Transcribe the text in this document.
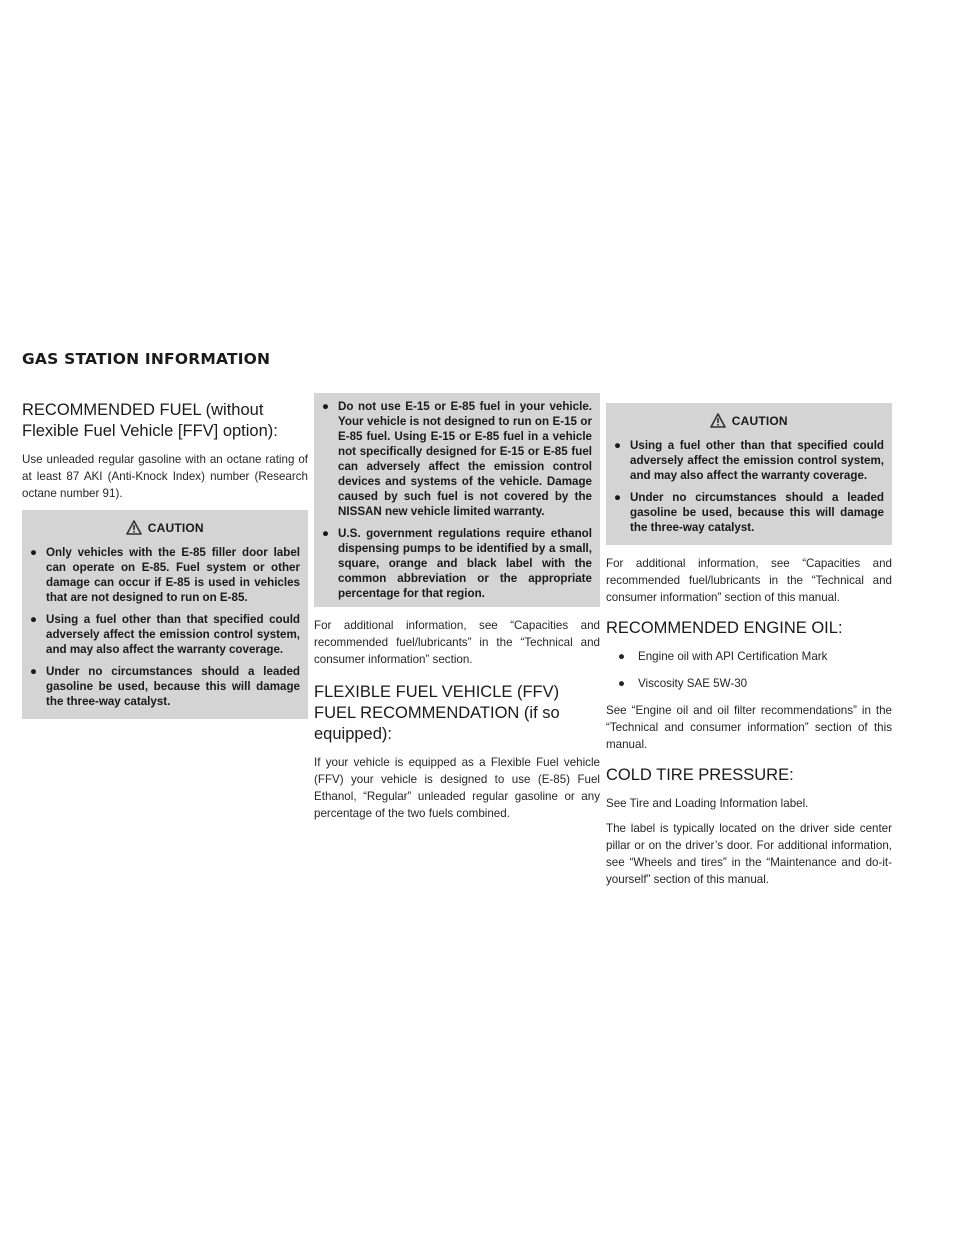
GAS STATION INFORMATION
RECOMMENDED FUEL (without Flexible Fuel Vehicle [FFV] option):

Use unleaded regular gasoline with an octane rating of at least 87 AKI (Anti-Knock Index) number (Research octane number 91).

CAUTION
● Only vehicles with the E-85 filler door label can operate on E-85. Fuel system or other damage can occur if E-85 is used in vehicles that are not designed to run on E-85.
● Using a fuel other than that specified could adversely affect the emission control system, and may also affect the warranty coverage.
● Under no circumstances should a leaded gasoline be used, because this will damage the three-way catalyst.
● Do not use E-15 or E-85 fuel in your vehicle. Your vehicle is not designed to run on E-15 or E-85 fuel. Using E-15 or E-85 fuel in a vehicle not specifically designed for E-15 or E-85 fuel can adversely affect the emission control devices and systems of the vehicle. Damage caused by such fuel is not covered by the NISSAN new vehicle limited warranty.
● U.S. government regulations require ethanol dispensing pumps to be identified by a small, square, orange and black label with the common abbreviation or the appropriate percentage for that region.

For additional information, see “Capacities and recommended fuel/lubricants” in the “Technical and consumer information” section.

FLEXIBLE FUEL VEHICLE (FFV) FUEL RECOMMENDATION (if so equipped):

If your vehicle is equipped as a Flexible Fuel vehicle (FFV) your vehicle is designed to use (E-85) Fuel Ethanol, “Regular” unleaded regular gasoline or any percentage of the two fuels combined.

CAUTION
● Using a fuel other than that specified could adversely affect the emission control system, and may also affect the warranty coverage.
● Under no circumstances should a leaded gasoline be used, because this will damage the three-way catalyst.

For additional information, see “Capacities and recommended fuel/lubricants in the “Technical and consumer information” section of this manual.

RECOMMENDED ENGINE OIL:
●	Engine oil with API Certification Mark
●	Viscosity SAE 5W-30

See “Engine oil and oil filter recommendations” in the “Technical and consumer information” section of this manual.

COLD TIRE PRESSURE:

See Tire and Loading Information label.

The label is typically located on the driver side center pillar or on the driver’s door. For additional information, see “Wheels and tires” in the “Maintenance and do-it-yourself” section of this manual.
